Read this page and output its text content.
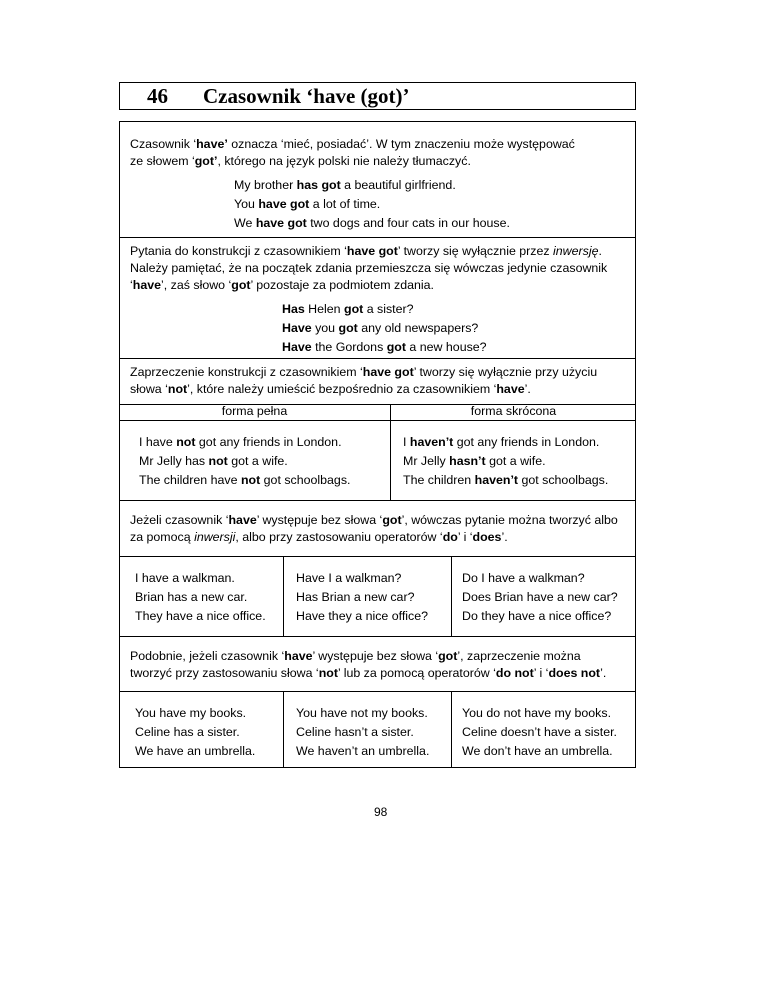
46 Czasownik ‘have (got)’
Czasownik ‘have’ oznacza ‘mieć, posiadać’. W tym znaczeniu może występować
ze słowem ‘got’, którego na język polski nie należy tłumaczyć.
My brother has got a beautiful girlfriend.
You have got a lot of time.
We have got two dogs and four cats in our house.
Pytania do konstrukcji z czasownikiem ‘have got’ tworzy się wyłącznie przez inwersję.
Należy pamiętać, że na początek zdania przemieszcza się wówczas jedynie czasownik
‘have’, zaś słowo ‘got’ pozostaje za podmiotem zdania.
Has Helen got a sister?
Have you got any old newspapers?
Have the Gordons got a new house?
Zaprzeczenie konstrukcji z czasownikiem ‘have got’ tworzy się wyłącznie przy użyciu
słowa ‘not’, które należy umieścić bezpośrednio za czasownikiem ‘have’.
forma pełna	forma skrócona
I have not got any friends in London.
Mr Jelly has not got a wife.
The children have not got schoolbags.
I haven’t got any friends in London.
Mr Jelly hasn’t got a wife.
The children haven’t got schoolbags.
Jeżeli czasownik ‘have’ występuje bez słowa ‘got’, wówczas pytanie można tworzyć albo
za pomocą inwersji, albo przy zastosowaniu operatorów ‘do’ i ‘does’.
I have a walkman.
Brian has a new car.
They have a nice office.
Have I a walkman?
Has Brian a new car?
Have they a nice office?
Do I have a walkman?
Does Brian have a new car?
Do they have a nice office?
Podobnie, jeżeli czasownik ‘have’ występuje bez słowa ‘got’, zaprzeczenie można
tworzyć przy zastosowaniu słowa ‘not’ lub za pomocą operatorów ‘do not’ i ‘does not’.
You have my books.
Celine has a sister.
We have an umbrella.
You have not my books.
Celine hasn’t a sister.
We haven’t an umbrella.
You do not have my books.
Celine doesn’t have a sister.
We don’t have an umbrella.
98
